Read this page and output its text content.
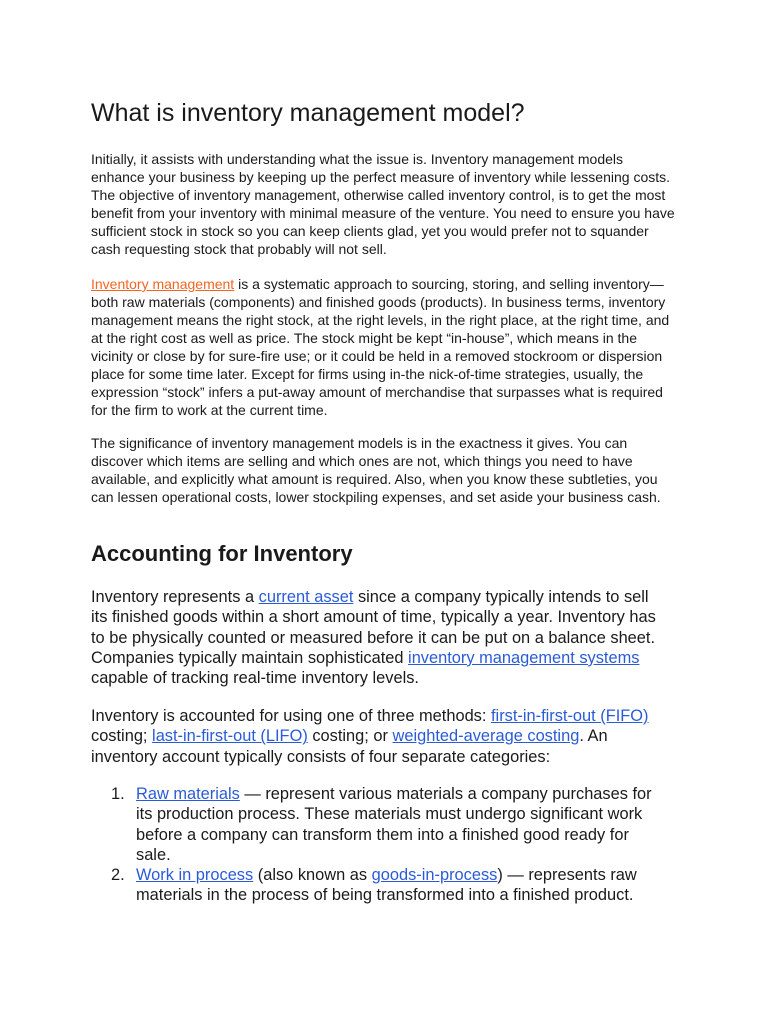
What is inventory management model?

Initially, it assists with understanding what the issue is. Inventory management models enhance your business by keeping up the perfect measure of inventory while lessening costs. The objective of inventory management, otherwise called inventory control, is to get the most benefit from your inventory with minimal measure of the venture. You need to ensure you have sufficient stock in stock so you can keep clients glad, yet you would prefer not to squander cash requesting stock that probably will not sell.

Inventory management is a systematic approach to sourcing, storing, and selling inventory—both raw materials (components) and finished goods (products). In business terms, inventory management means the right stock, at the right levels, in the right place, at the right time, and at the right cost as well as price. The stock might be kept “in-house”, which means in the vicinity or close by for sure-fire use; or it could be held in a removed stockroom or dispersion place for some time later. Except for firms using in-the nick-of-time strategies, usually, the expression “stock” infers a put-away amount of merchandise that surpasses what is required for the firm to work at the current time.

The significance of inventory management models is in the exactness it gives. You can discover which items are selling and which ones are not, which things you need to have available, and explicitly what amount is required. Also, when you know these subtleties, you can lessen operational costs, lower stockpiling expenses, and set aside your business cash.

Accounting for Inventory

Inventory represents a current asset since a company typically intends to sell its finished goods within a short amount of time, typically a year. Inventory has to be physically counted or measured before it can be put on a balance sheet. Companies typically maintain sophisticated inventory management systems capable of tracking real-time inventory levels.

Inventory is accounted for using one of three methods: first-in-first-out (FIFO) costing; last-in-first-out (LIFO) costing; or weighted-average costing. An inventory account typically consists of four separate categories:

1. Raw materials — represent various materials a company purchases for its production process. These materials must undergo significant work before a company can transform them into a finished good ready for sale.
2. Work in process (also known as goods-in-process) — represents raw materials in the process of being transformed into a finished product.
